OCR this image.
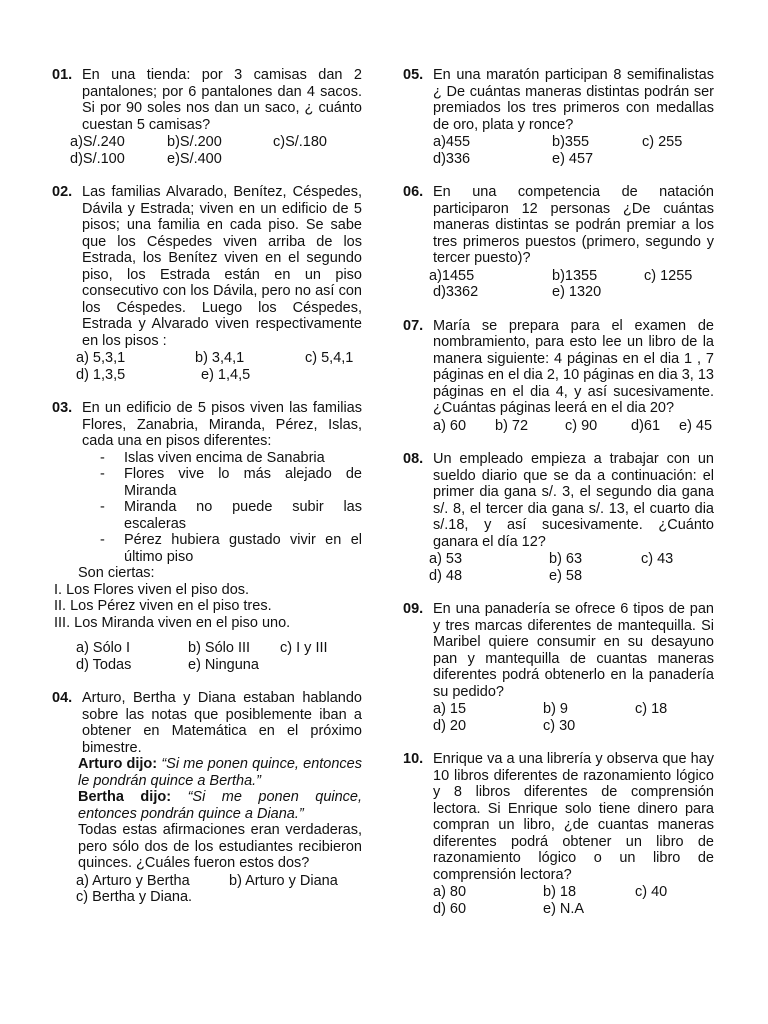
01. En una tienda: por 3 camisas dan 2 pantalones; por 6 pantalones dan 4 sacos. Si por 90 soles nos dan un saco, ¿ cuánto cuestan 5 camisas?
a)S/.240	b)S/.200	c)S/.180
d)S/.100	e)S/.400
02. Las familias Alvarado, Benítez, Céspedes, Dávila y Estrada; viven en un edificio de 5 pisos; una familia en cada piso. Se sabe que los Céspedes viven arriba de los Estrada, los Benítez viven en el segundo piso, los Estrada están en un piso consecutivo con los Dávila, pero no así con los Céspedes. Luego los Céspedes, Estrada y Alvarado viven respectivamente en los pisos :
a) 5,3,1	b) 3,4,1	c) 5,4,1
d) 1,3,5	e) 1,4,5
03. En un edificio de 5 pisos viven las familias Flores, Zanabria, Miranda, Pérez, Islas, cada una en pisos diferentes:
- Islas viven encima de Sanabria
- Flores vive lo más alejado de Miranda
- Miranda no puede subir las escaleras
- Pérez hubiera gustado vivir en el último piso
Son ciertas:
I. Los Flores viven el piso dos.
II. Los Pérez viven en el piso tres.
III. Los Miranda viven en el piso uno.
a) Sólo I	b) Sólo III	c) I y III
d) Todas	e) Ninguna
04. Arturo, Bertha y Diana estaban hablando sobre las notas que posiblemente iban a obtener en Matemática en el próximo bimestre.
Arturo dijo: “Si me ponen quince, entonces le pondrán quince a Bertha.”
Bertha dijo: “Si me ponen quince, entonces pondrán quince a Diana.”
Todas estas afirmaciones eran verdaderas, pero sólo dos de los estudiantes recibieron quinces. ¿Cuáles fueron estos dos?
a) Arturo y Bertha	b) Arturo y Diana
c) Bertha y Diana.
05. En una maratón participan 8 semifinalistas ¿ De cuántas maneras distintas podrán ser premiados los tres primeros con medallas de oro, plata y ronce?
a)455	b)355	c) 255
d)336	e) 457
06. En una competencia de natación participaron 12 personas ¿De cuántas maneras distintas se podrán premiar a los tres primeros puestos (primero, segundo y tercer puesto)?
a)1455	b)1355	c) 1255
d)3362	e) 1320
07. María se prepara para el examen de nombramiento, para esto lee un libro de la manera siguiente: 4 páginas en el dia 1 , 7 páginas en el dia 2, 10 páginas en dia 3, 13 páginas en el dia 4, y así sucesivamente. ¿Cuántas páginas leerá en el dia 20?
a) 60	b) 72	c) 90	d)61	e) 45
08. Un empleado empieza a trabajar con un sueldo diario que se da a continuación: el primer dia gana s/. 3, el segundo dia gana s/. 8, el tercer dia gana s/. 13, el cuarto dia s/.18, y así sucesivamente. ¿Cuánto ganara el día 12?
a) 53	b) 63	c) 43
d) 48	e) 58
09. En una panadería se ofrece 6 tipos de pan y tres marcas diferentes de mantequilla. Si Maribel quiere consumir en su desayuno pan y mantequilla de cuantas maneras diferentes podrá obtenerlo en la panadería su pedido?
a) 15	b) 9	c) 18
d) 20	c) 30
10. Enrique va a una librería y observa que hay 10 libros diferentes de razonamiento lógico y 8 libros diferentes de comprensión lectora. Si Enrique solo tiene dinero para compran un libro, ¿de cuantas maneras diferentes podrá obtener un libro de razonamiento lógico o un libro de comprensión lectora?
a) 80	b) 18	c) 40
d) 60	e) N.A
